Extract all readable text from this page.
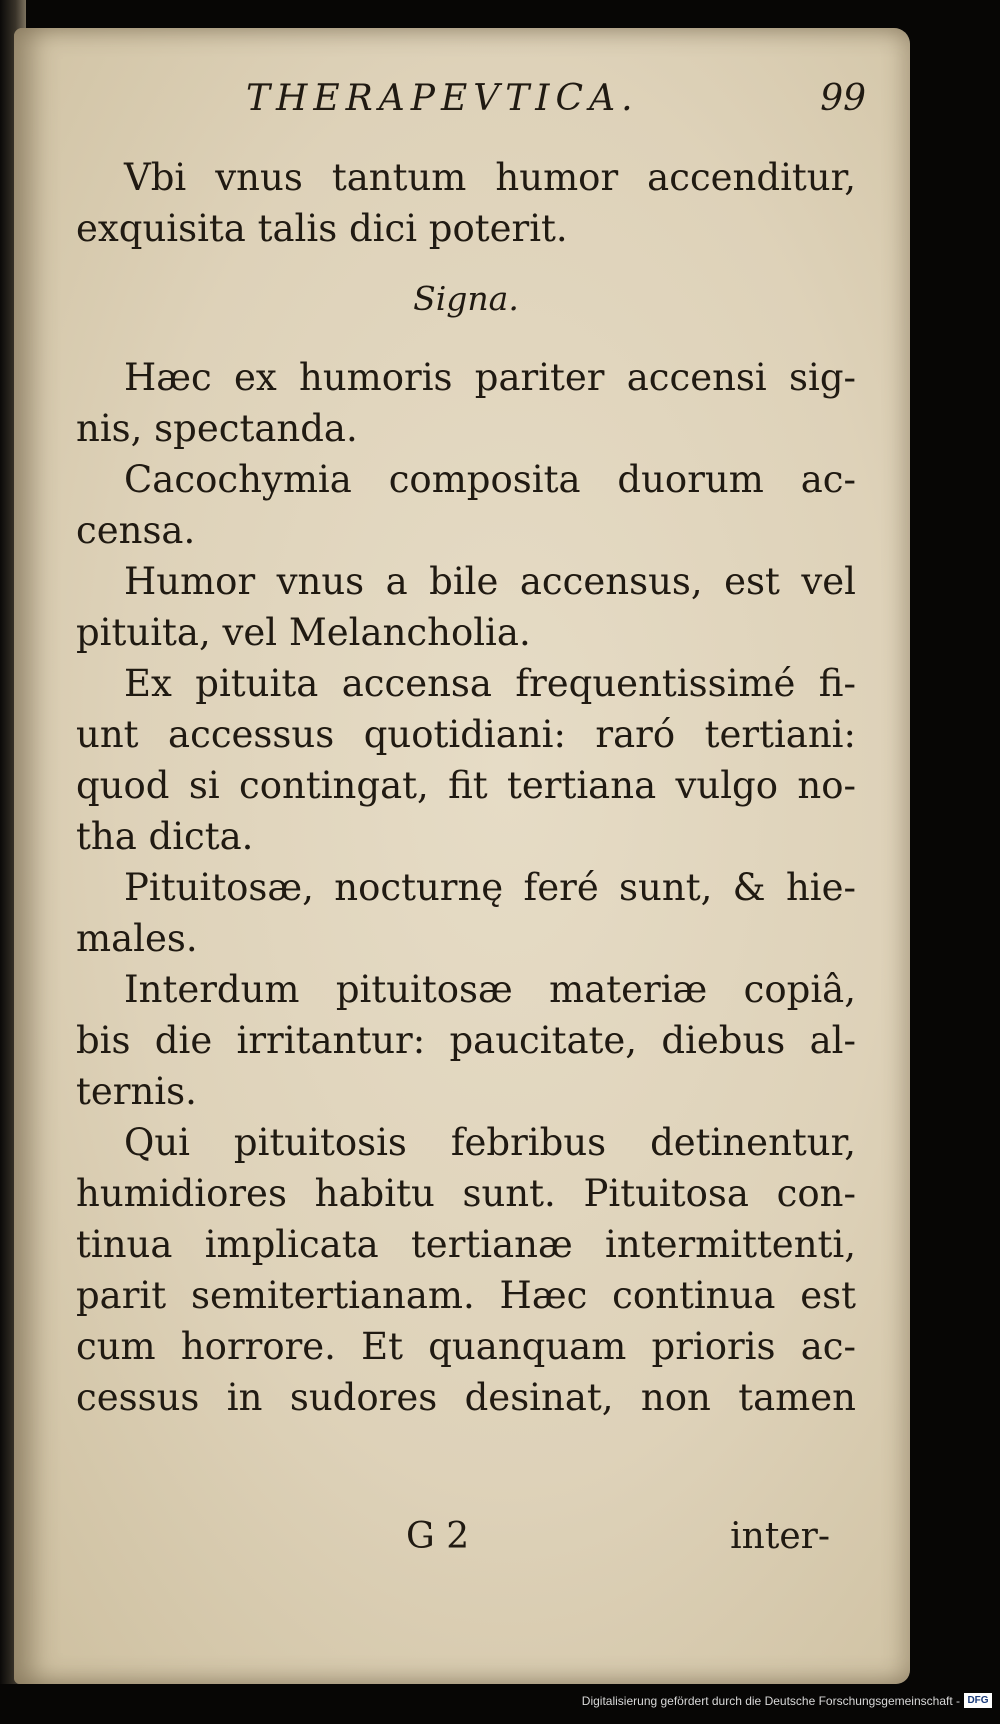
THERAPEVTICA.	99
Vbi vnus tantum humor accenditur,
exquisita talis dici poterit.
Signa.
Hæc ex humoris pariter accensi sig-
nis, spectanda.
Cacochymia composita duorum ac-
censa.
Humor vnus a bile accensus, est vel
pituita, vel Melancholia.
Ex pituita accensa frequentissimé fi-
unt accessus quotidiani: raró tertiani:
quod si contingat, fit tertiana vulgo no-
tha dicta.
Pituitosæ, nocturnę feré sunt, & hie-
males.
Interdum pituitosæ materiæ copiâ,
bis die irritantur: paucitate, diebus al-
ternis.
Qui pituitosis febribus detinentur,
humidiores habitu sunt. Pituitosa con-
tinua implicata tertianæ intermittenti,
parit semitertianam. Hæc continua est
cum horrore. Et quanquam prioris ac-
cessus in sudores desinat, non tamen
G 2	inter-
Digitalisierung gefördert durch die Deutsche Forschungsgemeinschaft - DFG
